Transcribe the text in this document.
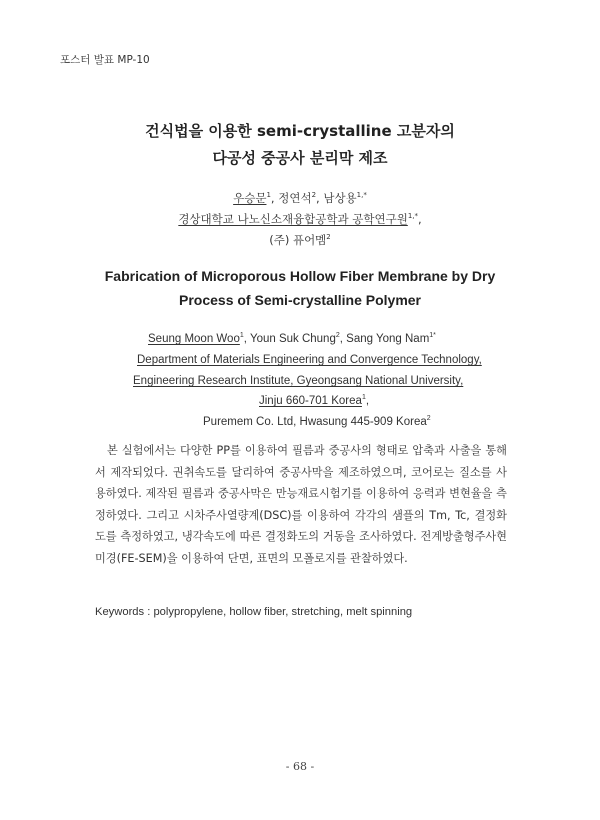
포스터 발표 MP-10
건식법을 이용한 semi-crystalline 고분자의
다공성 중공사 분리막 제조
우승문$^1$, 정연석$^2$, 남상용$^{1,*}$
경상대학교 나노신소재융합공학과 공학연구원$^{1,*}$,
(주) 퓨어멤$^2$
Fabrication of Microporous Hollow Fiber Membrane by Dry
Process of Semi-crystalline Polymer
Seung Moon Woo$^1$, Youn Suk Chung$^2$, Sang Yong Nam$^{1*}$
Department of Materials Engineering and Convergence Technology,
Engineering Research Institute, Gyeongsang National University,
Jinju 660-701 Korea$^1$,
Puremem Co. Ltd, Hwasung 445-909 Korea$^2$
본 실험에서는 다양한 PP를 이용하여 필름과 중공사의 형태로 압축과 사출을 통해서 제작되었다. 권취속도를 달리하여 중공사막을 제조하였으며, 코어로는 질소를 사용하였다. 제작된 필름과 중공사막은 만능재료시험기를 이용하여 응력과 변현율을 측정하였다. 그리고 시차주사열량계(DSC)를 이용하여 각각의 샘플의 Tm, Tc, 결정화도를 측정하였고, 냉각속도에 따른 결정화도의 거동을 조사하였다. 전계방출형주사현미경(FE-SEM)을 이용하여 단면, 표면의 모폴로지를 관찰하였다.
Keywords : polypropylene, hollow fiber, stretching, melt spinning
- 68 -
